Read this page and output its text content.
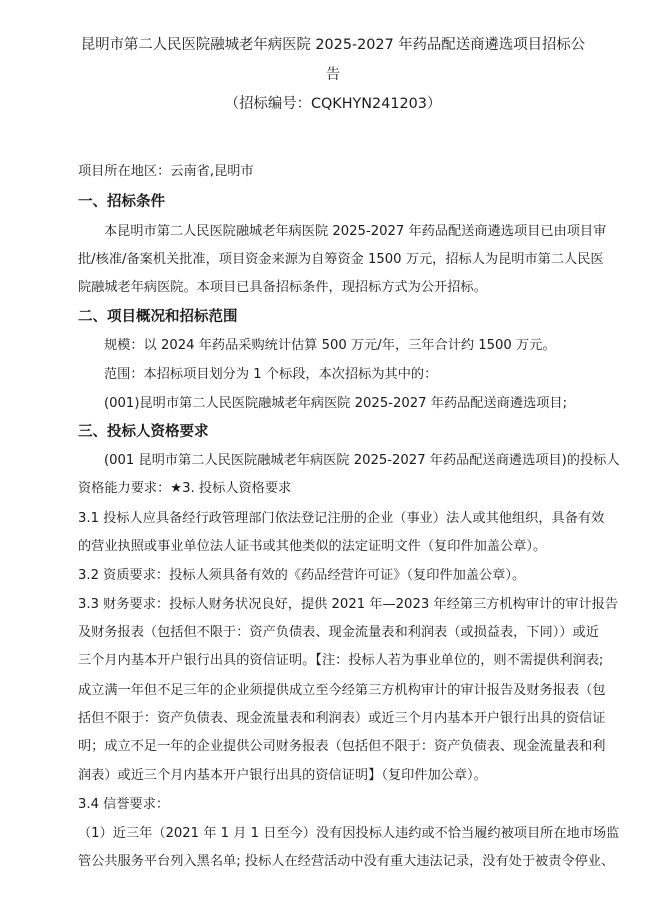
昆明市第二人民医院融城老年病医院 2025-2027 年药品配送商遴选项目招标公
告
（招标编号：CQKHYN241203）
项目所在地区：云南省,昆明市
一、招标条件
本昆明市第二人民医院融城老年病医院 2025-2027 年药品配送商遴选项目已由项目审
批/核准/备案机关批准，项目资金来源为自筹资金 1500 万元，招标人为昆明市第二人民医
院融城老年病医院。本项目已具备招标条件，现招标方式为公开招标。
二、项目概况和招标范围
规模：以 2024 年药品采购统计估算 500 万元/年，三年合计约 1500 万元。
范围：本招标项目划分为 1 个标段，本次招标为其中的：
(001)昆明市第二人民医院融城老年病医院 2025-2027 年药品配送商遴选项目;
三、投标人资格要求
(001 昆明市第二人民医院融城老年病医院 2025-2027 年药品配送商遴选项目)的投标人
资格能力要求：★3. 投标人资格要求
3.1 投标人应具备经行政管理部门依法登记注册的企业（事业）法人或其他组织，具备有效
的营业执照或事业单位法人证书或其他类似的法定证明文件（复印件加盖公章）。
3.2 资质要求：投标人须具备有效的《药品经营许可证》（复印件加盖公章）。
3.3 财务要求：投标人财务状况良好，提供 2021 年—2023 年经第三方机构审计的审计报告
及财务报表（包括但不限于：资产负债表、现金流量表和利润表（或损益表，下同））或近
三个月内基本开户银行出具的资信证明。【注：投标人若为事业单位的，则不需提供利润表;
成立满一年但不足三年的企业须提供成立至今经第三方机构审计的审计报告及财务报表（包
括但不限于：资产负债表、现金流量表和利润表）或近三个月内基本开户银行出具的资信证
明；成立不足一年的企业提供公司财务报表（包括但不限于：资产负债表、现金流量表和利
润表）或近三个月内基本开户银行出具的资信证明】（复印件加公章）。
3.4 信誉要求：
（1）近三年（2021 年 1 月 1 日至今）没有因投标人违约或不恰当履约被项目所在地市场监
管公共服务平台列入黑名单; 投标人在经营活动中没有重大违法记录，没有处于被责令停业、
